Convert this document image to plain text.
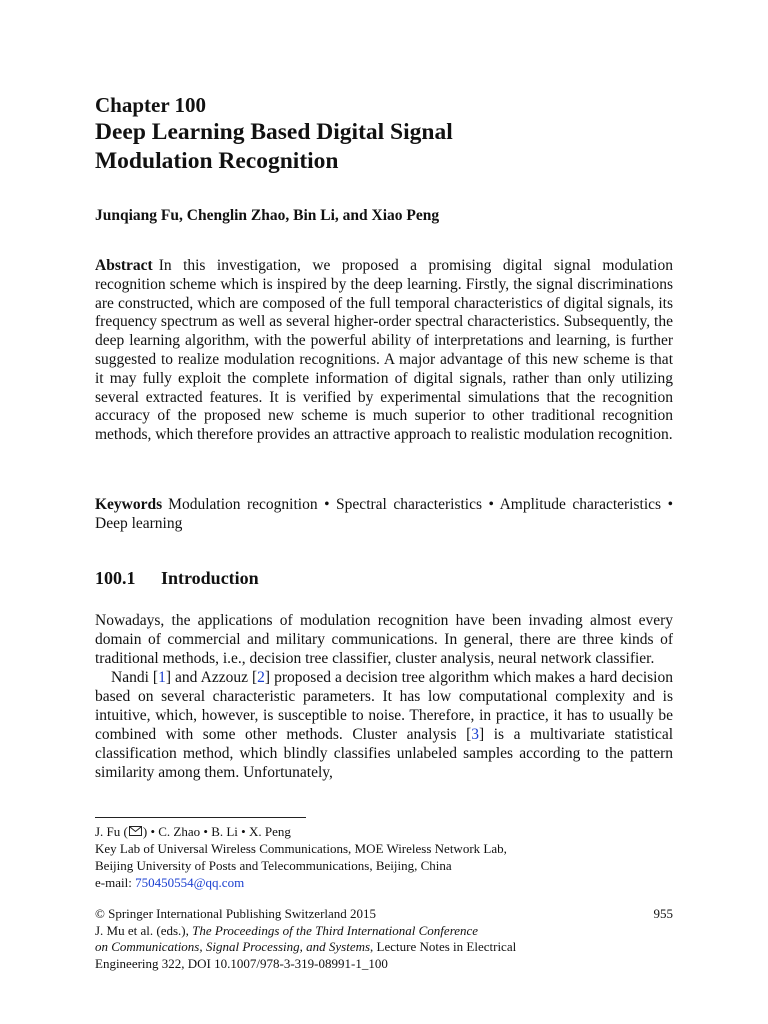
Chapter 100
Deep Learning Based Digital Signal
Modulation Recognition
Junqiang Fu, Chenglin Zhao, Bin Li, and Xiao Peng
Abstract In this investigation, we proposed a promising digital signal modulation recognition scheme which is inspired by the deep learning. Firstly, the signal discriminations are constructed, which are composed of the full temporal characteristics of digital signals, its frequency spectrum as well as several higher-order spectral characteristics. Subsequently, the deep learning algorithm, with the powerful ability of interpretations and learning, is further suggested to realize modulation recognitions. A major advantage of this new scheme is that it may fully exploit the complete information of digital signals, rather than only utilizing several extracted features. It is verified by experimental simulations that the recognition accuracy of the proposed new scheme is much superior to other traditional recognition methods, which therefore provides an attractive approach to realistic modulation recognition.
Keywords Modulation recognition • Spectral characteristics • Amplitude characteristics • Deep learning
100.1 Introduction

Nowadays, the applications of modulation recognition have been invading almost every domain of commercial and military communications. In general, there are three kinds of traditional methods, i.e., decision tree classifier, cluster analysis, neural network classifier.

Nandi [1] and Azzouz [2] proposed a decision tree algorithm which makes a hard decision based on several characteristic parameters. It has low computational complexity and is intuitive, which, however, is susceptible to noise. Therefore, in practice, it has to usually be combined with some other methods. Cluster analysis [3] is a multivariate statistical classification method, which blindly classifies unlabeled samples according to the pattern similarity among them. Unfortunately,

J. Fu ( ) • C. Zhao • B. Li • X. Peng
Key Lab of Universal Wireless Communications, MOE Wireless Network Lab,
Beijing University of Posts and Telecommunications, Beijing, China
e-mail: 750450554@qq.com
© Springer International Publishing Switzerland 2015
J. Mu et al. (eds.), The Proceedings of the Third International Conference
on Communications, Signal Processing, and Systems, Lecture Notes in Electrical
Engineering 322, DOI 10.1007/978-3-319-08991-1_100
955
